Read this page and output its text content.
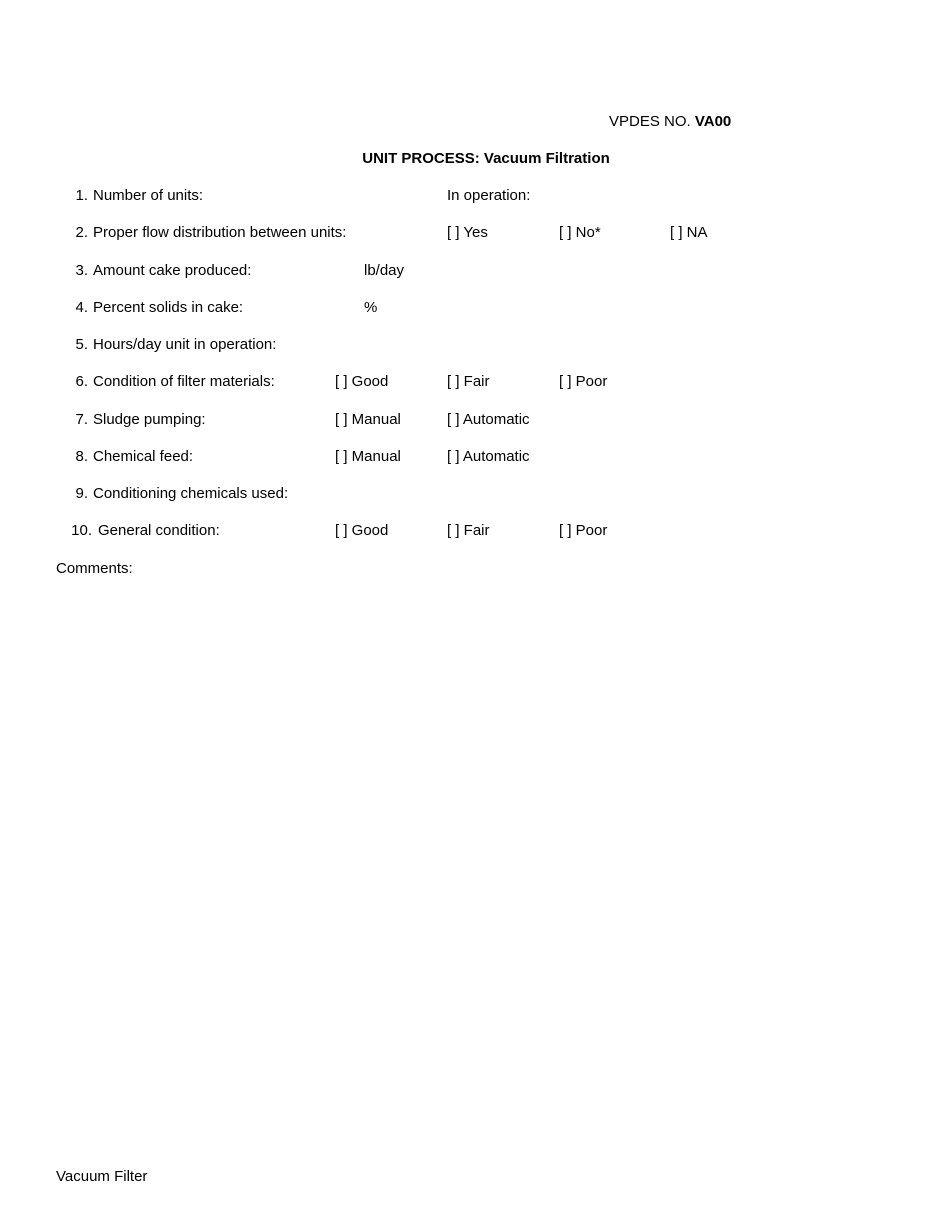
VPDES NO. VA00
UNIT PROCESS: Vacuum Filtration
1. Number of units:	In operation:
2. Proper flow distribution between units:	[ ] Yes	[ ] No*	[ ] NA
3. Amount cake produced:	lb/day
4. Percent solids in cake:	%
5. Hours/day unit in operation:
6. Condition of filter materials:	[ ] Good	[ ] Fair	[ ] Poor
7. Sludge pumping:	[ ] Manual	[ ] Automatic
8. Chemical feed:	[ ] Manual	[ ] Automatic
9. Conditioning chemicals used:
10. General condition:	[ ] Good	[ ] Fair	[ ] Poor
Comments:
Vacuum Filter
